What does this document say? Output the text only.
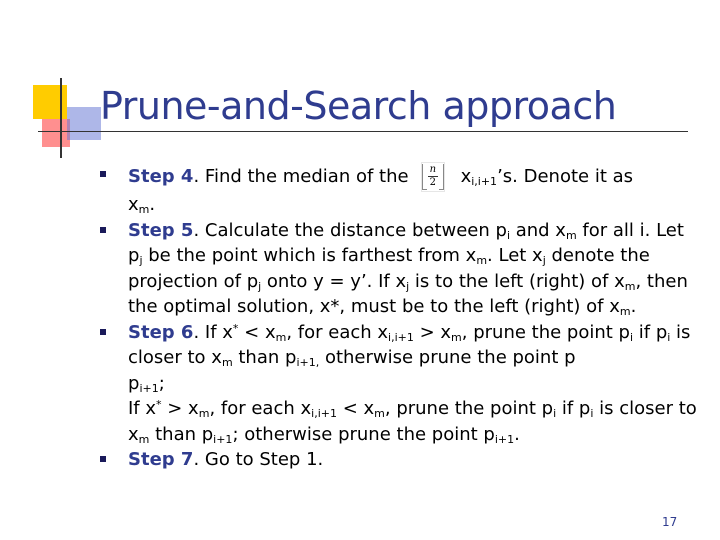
Prune-and-Search approach
Step 4. Find the median of the $\frac{n}{2}$ $x_{i,i+1}’s$. Denote it as
$x_m$.
Step 5. Calculate the distance between $p_i$ and $x_m$ for all i. Let $p_j$ be the point which is farthest from $x_m$. Let $x_j$ denote the projection of $p_j$ onto y = y’. If $x_j$ is to the left (right) of $x_m$, then the optimal solution, x*, must be to the left (right) of $x_m$.
Step 6. If $x^* < x_m$, for each $x_{i,i+1} > x_m$, prune the point $p_i$ if $p_i$ is closer to $x_m$ than $p_{i+1,}$ otherwise prune the point p
$p_{i+1}$;
If $x^* > x_m$, for each $x_{i,i+1} < x_m$, prune the point $p_i$ if $p_i$ is closer to $x_m$ than $p_{i+1}$; otherwise prune the point $p_{i+1}$.
Step 7. Go to Step 1.
17
